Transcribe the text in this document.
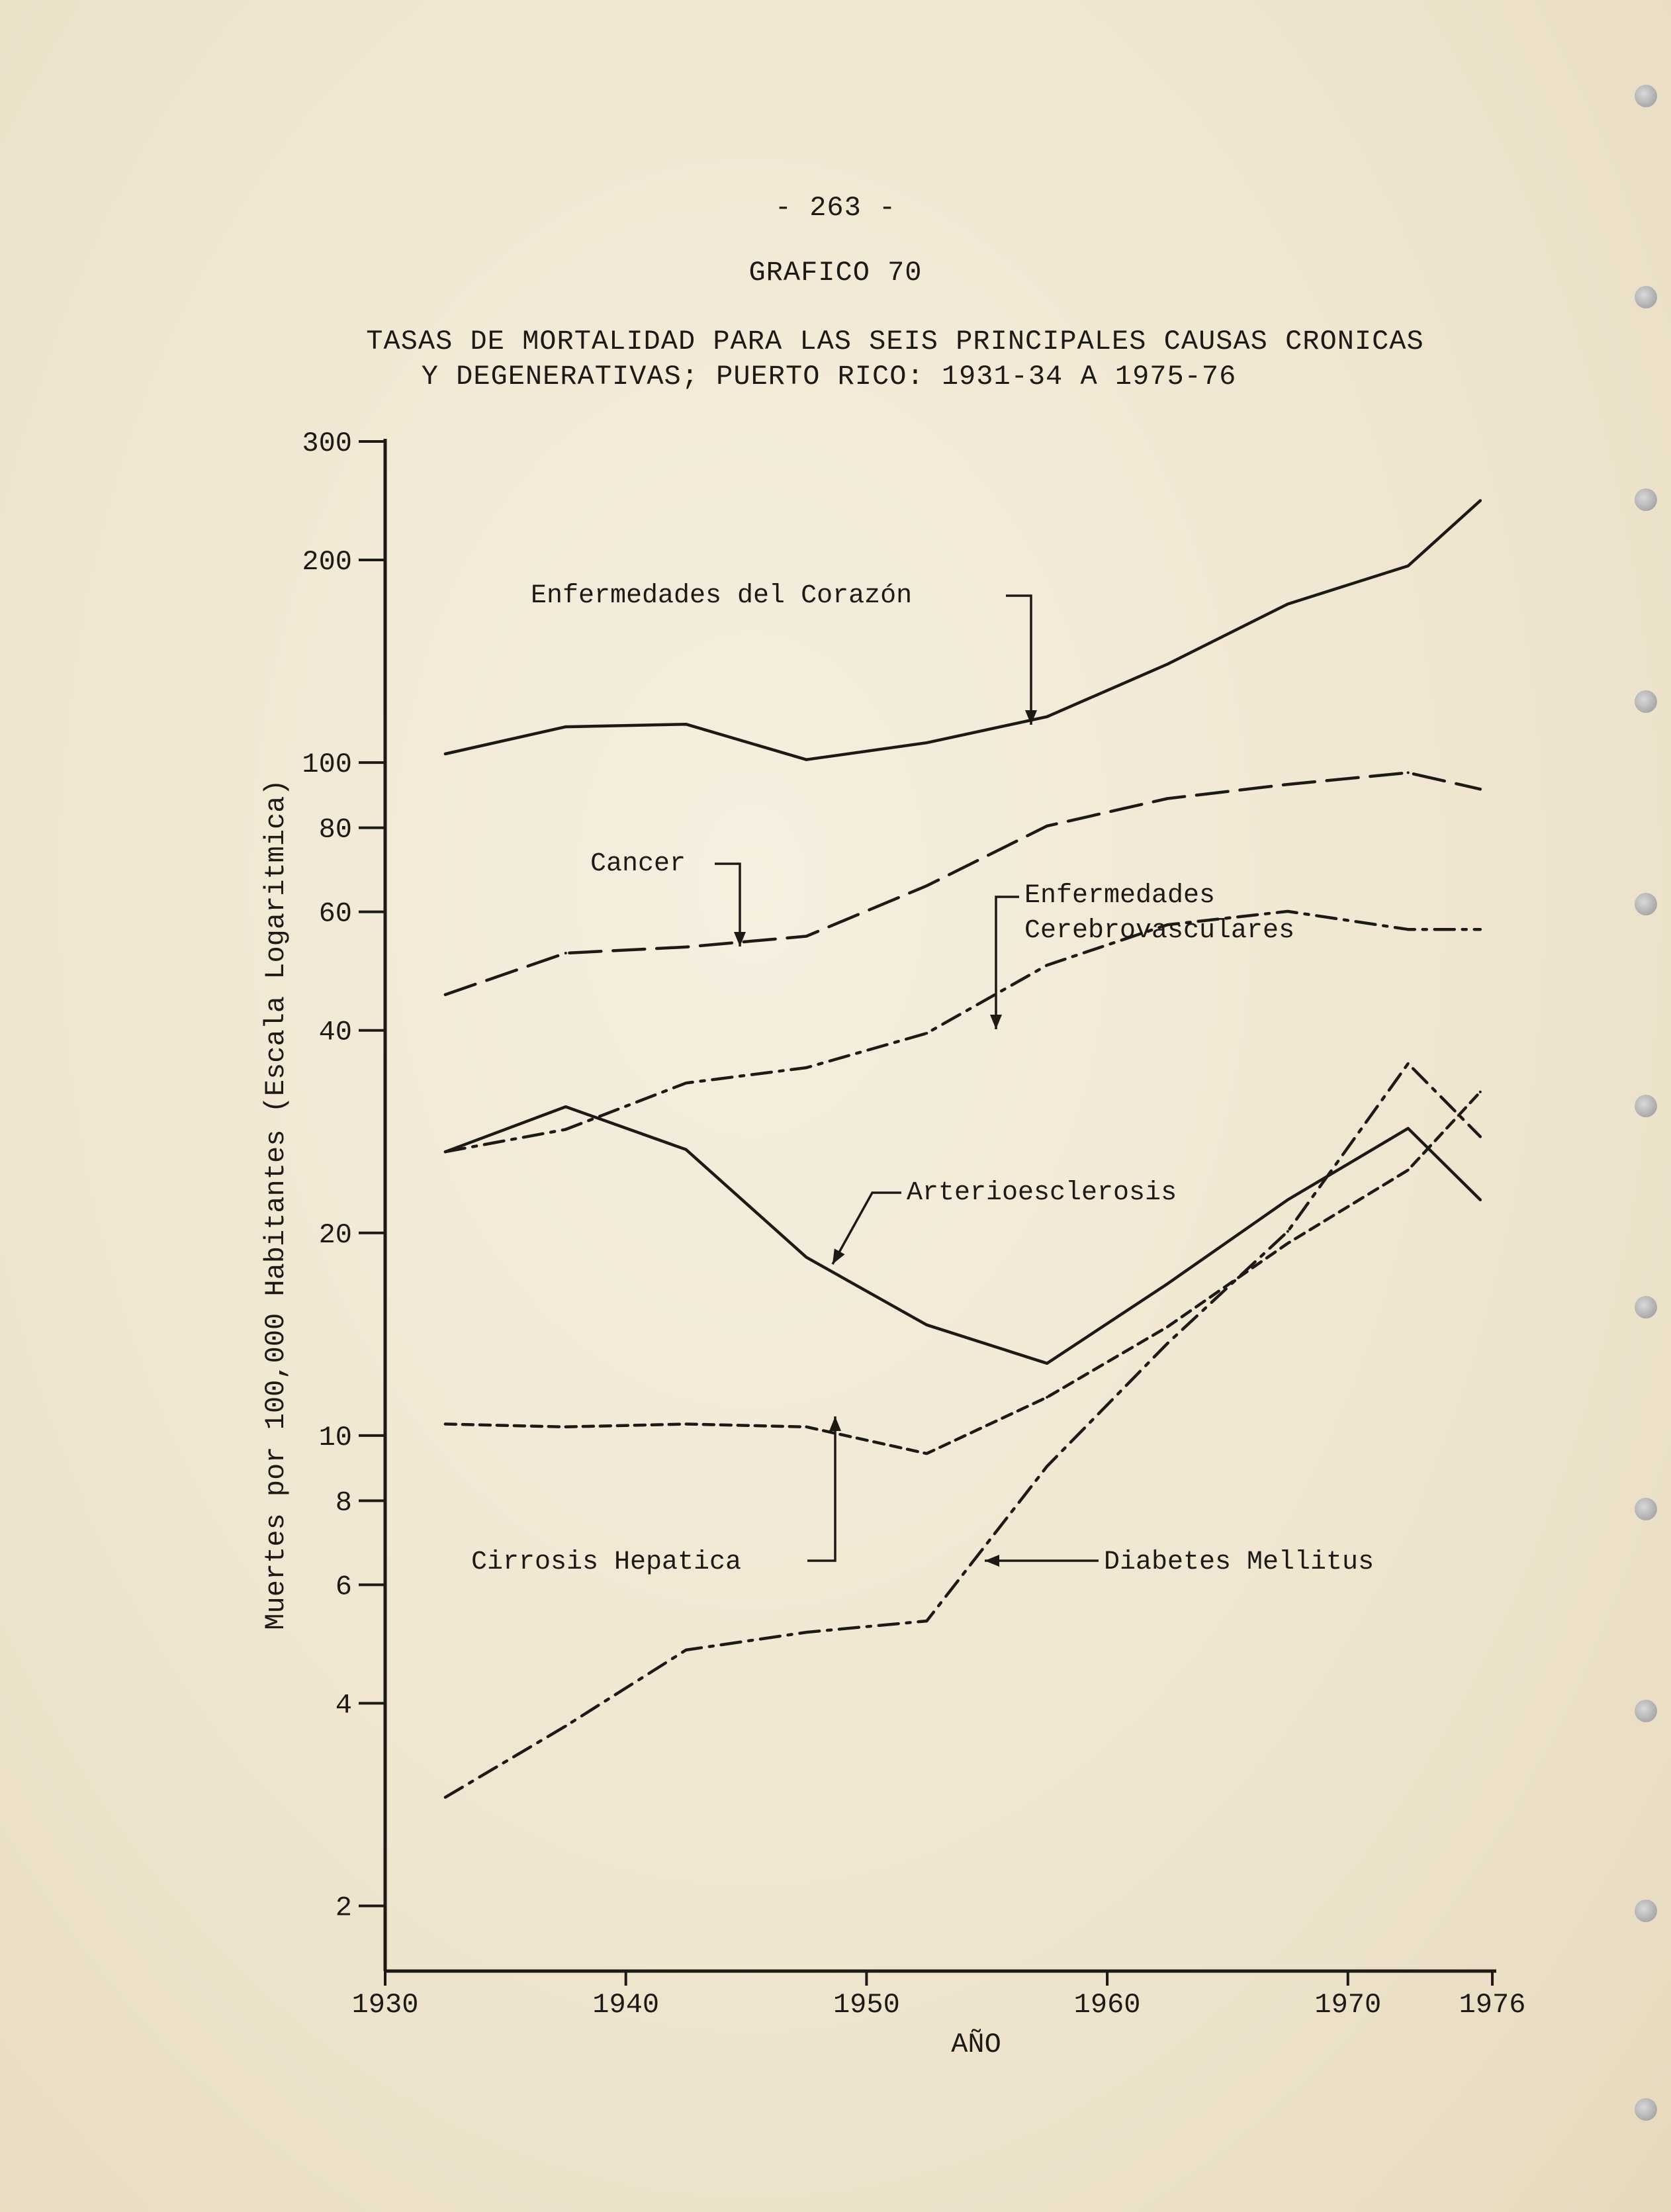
- 263 -
GRAFICO 70
TASAS DE MORTALIDAD PARA LAS SEIS PRINCIPALES CAUSAS CRONICAS
Y DEGENERATIVAS; PUERTO RICO: 1931-34 A 1975-76
300
200
100
80
60
40
20
10
8
6
4
2
1930	1940	1950	1960	1970	1976
AÑO
Muertes por 100,000 Habitantes (Escala Logaritmica)
Enfermedades del Corazón
Cancer
Enfermedades
Cerebrovasculares
Arterioesclerosis
Cirrosis Hepatica	Diabetes Mellitus
